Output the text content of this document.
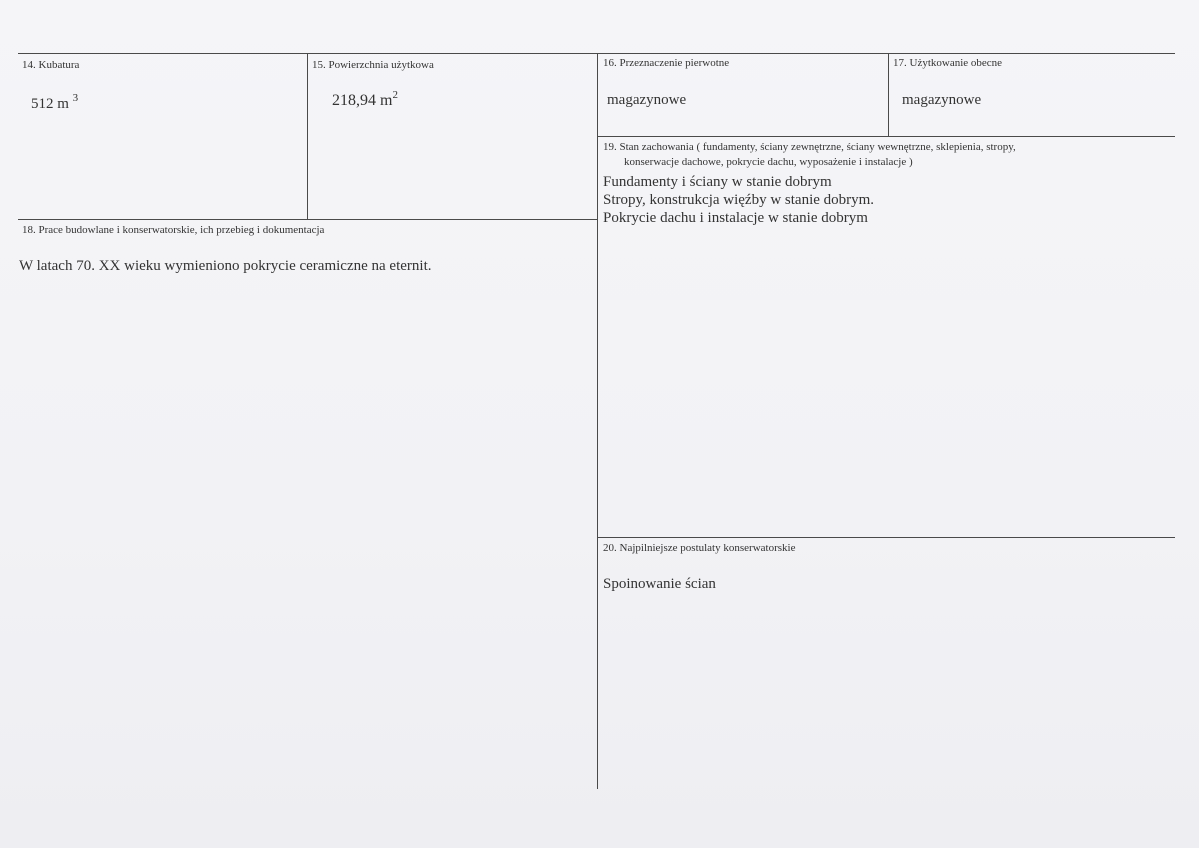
14. Kubatura
512 m $^3$
15. Powierzchnia użytkowa
218,94 $m^2$
16. Przeznaczenie pierwotne
magazynowe
17. Użytkowanie obecne
magazynowe
19. Stan zachowania ( fundamenty, ściany zewnętrzne, ściany wewnętrzne, sklepienia, stropy,
konserwacje dachowe, pokrycie dachu, wyposażenie i instalacje )
Fundamenty i ściany w stanie dobrym
Stropy, konstrukcja więźby w stanie dobrym.
Pokrycie dachu i instalacje w stanie dobrym
18. Prace budowlane i konserwatorskie, ich przebieg i dokumentacja
W latach 70. XX wieku wymieniono pokrycie ceramiczne na eternit.
20. Najpilniejsze postulaty konserwatorskie
Spoinowanie ścian
